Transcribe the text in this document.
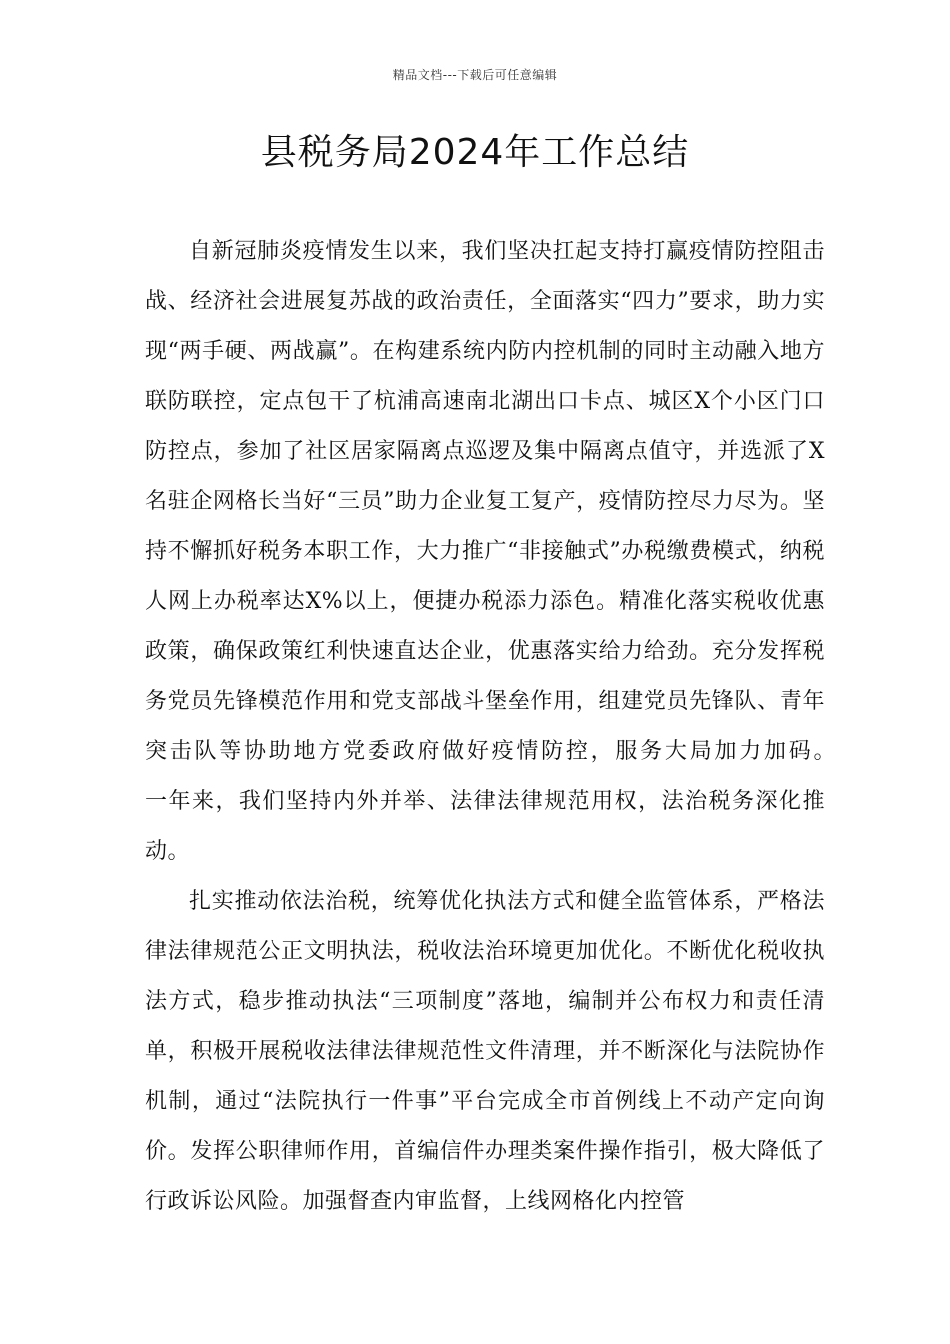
精品文档---下载后可任意编辑
县税务局2024年工作总结

自新冠肺炎疫情发生以来，我们坚决扛起支持打赢疫情防控阻击战、经济社会进展复苏战的政治责任，全面落实“四力”要求，助力实现“两手硬、两战赢”。在构建系统内防内控机制的同时主动融入地方联防联控，定点包干了杭浦高速南北湖出口卡点、城区X个小区门口防控点，参加了社区居家隔离点巡逻及集中隔离点值守，并选派了X名驻企网格长当好“三员”助力企业复工复产，疫情防控尽力尽为。坚持不懈抓好税务本职工作，大力推广“非接触式”办税缴费模式，纳税人网上办税率达X%以上，便捷办税添力添色。精准化落实税收优惠政策，确保政策红利快速直达企业，优惠落实给力给劲。充分发挥税务党员先锋模范作用和党支部战斗堡垒作用，组建党员先锋队、青年突击队等协助地方党委政府做好疫情防控，服务大局加力加码。　　一年来，我们坚持内外并举、法律法律规范用权，法治税务深化推动。

扎实推动依法治税，统筹优化执法方式和健全监管体系，严格法律法律规范公正文明执法，税收法治环境更加优化。不断优化税收执法方式，稳步推动执法“三项制度”落地，编制并公布权力和责任清单，积极开展税收法律法律规范性文件清理，并不断深化与法院协作机制，通过“法院执行一件事”平台完成全市首例线上不动产定向询价。发挥公职律师作用，首编信件办理类案件操作指引，极大降低了行政诉讼风险。加强督查内审监督，上线网格化内控管
